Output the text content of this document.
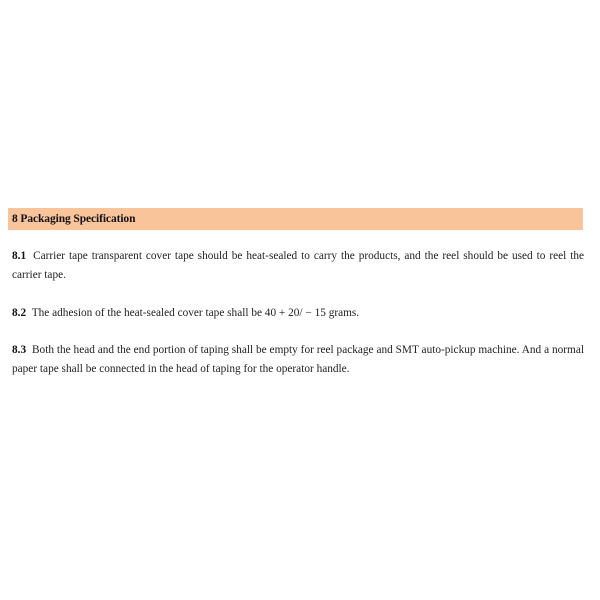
8 Packaging Specification

8.1 Carrier tape transparent cover tape should be heat-sealed to carry the products, and the reel should be used to reel the carrier tape.

8.2 The adhesion of the heat-sealed cover tape shall be 40 + 20/ − 15 grams.

8.3 Both the head and the end portion of taping shall be empty for reel package and SMT auto-pickup machine. And a normal paper tape shall be connected in the head of taping for the operator handle.
